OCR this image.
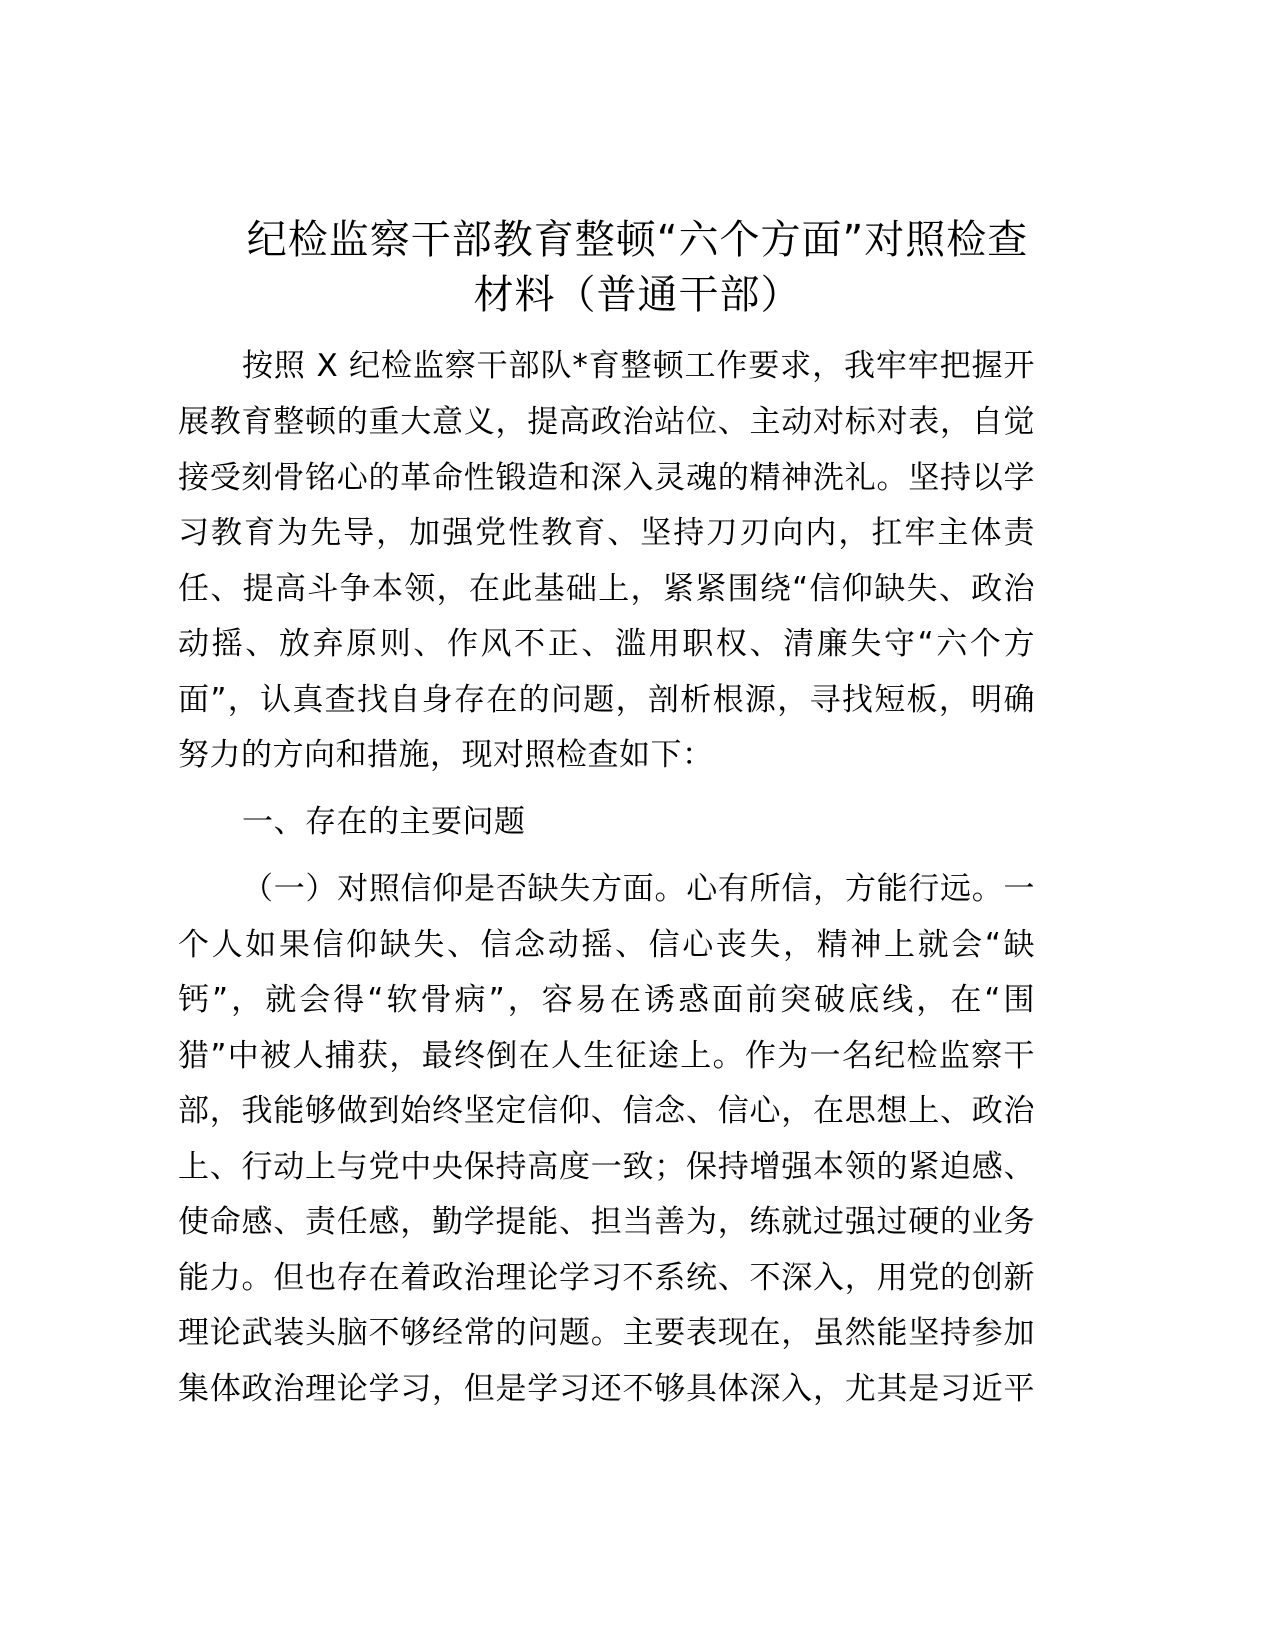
纪检监察干部教育整顿“六个方面”对照检查
材料（普通干部）
按照 X 纪检监察干部队*育整顿工作要求，我牢牢把握开
展教育整顿的重大意义，提高政治站位、主动对标对表，自觉
接受刻骨铭心的革命性锻造和深入灵魂的精神洗礼。坚持以学
习教育为先导，加强党性教育、坚持刀刃向内，扛牢主体责
任、提高斗争本领，在此基础上，紧紧围绕“信仰缺失、政治
动摇、放弃原则、作风不正、滥用职权、清廉失守“六个方
面”，认真查找自身存在的问题，剖析根源，寻找短板，明确
努力的方向和措施，现对照检查如下：
一、存在的主要问题
（一）对照信仰是否缺失方面。心有所信，方能行远。一
个人如果信仰缺失、信念动摇、信心丧失，精神上就会“缺
钙”，就会得“软骨病”，容易在诱惑面前突破底线，在“围
猎”中被人捕获，最终倒在人生征途上。作为一名纪检监察干
部，我能够做到始终坚定信仰、信念、信心，在思想上、政治
上、行动上与党中央保持高度一致；保持增强本领的紧迫感、
使命感、责任感，勤学提能、担当善为，练就过强过硬的业务
能力。但也存在着政治理论学习不系统、不深入，用党的创新
理论武装头脑不够经常的问题。主要表现在，虽然能坚持参加
集体政治理论学习，但是学习还不够具体深入，尤其是习近平
